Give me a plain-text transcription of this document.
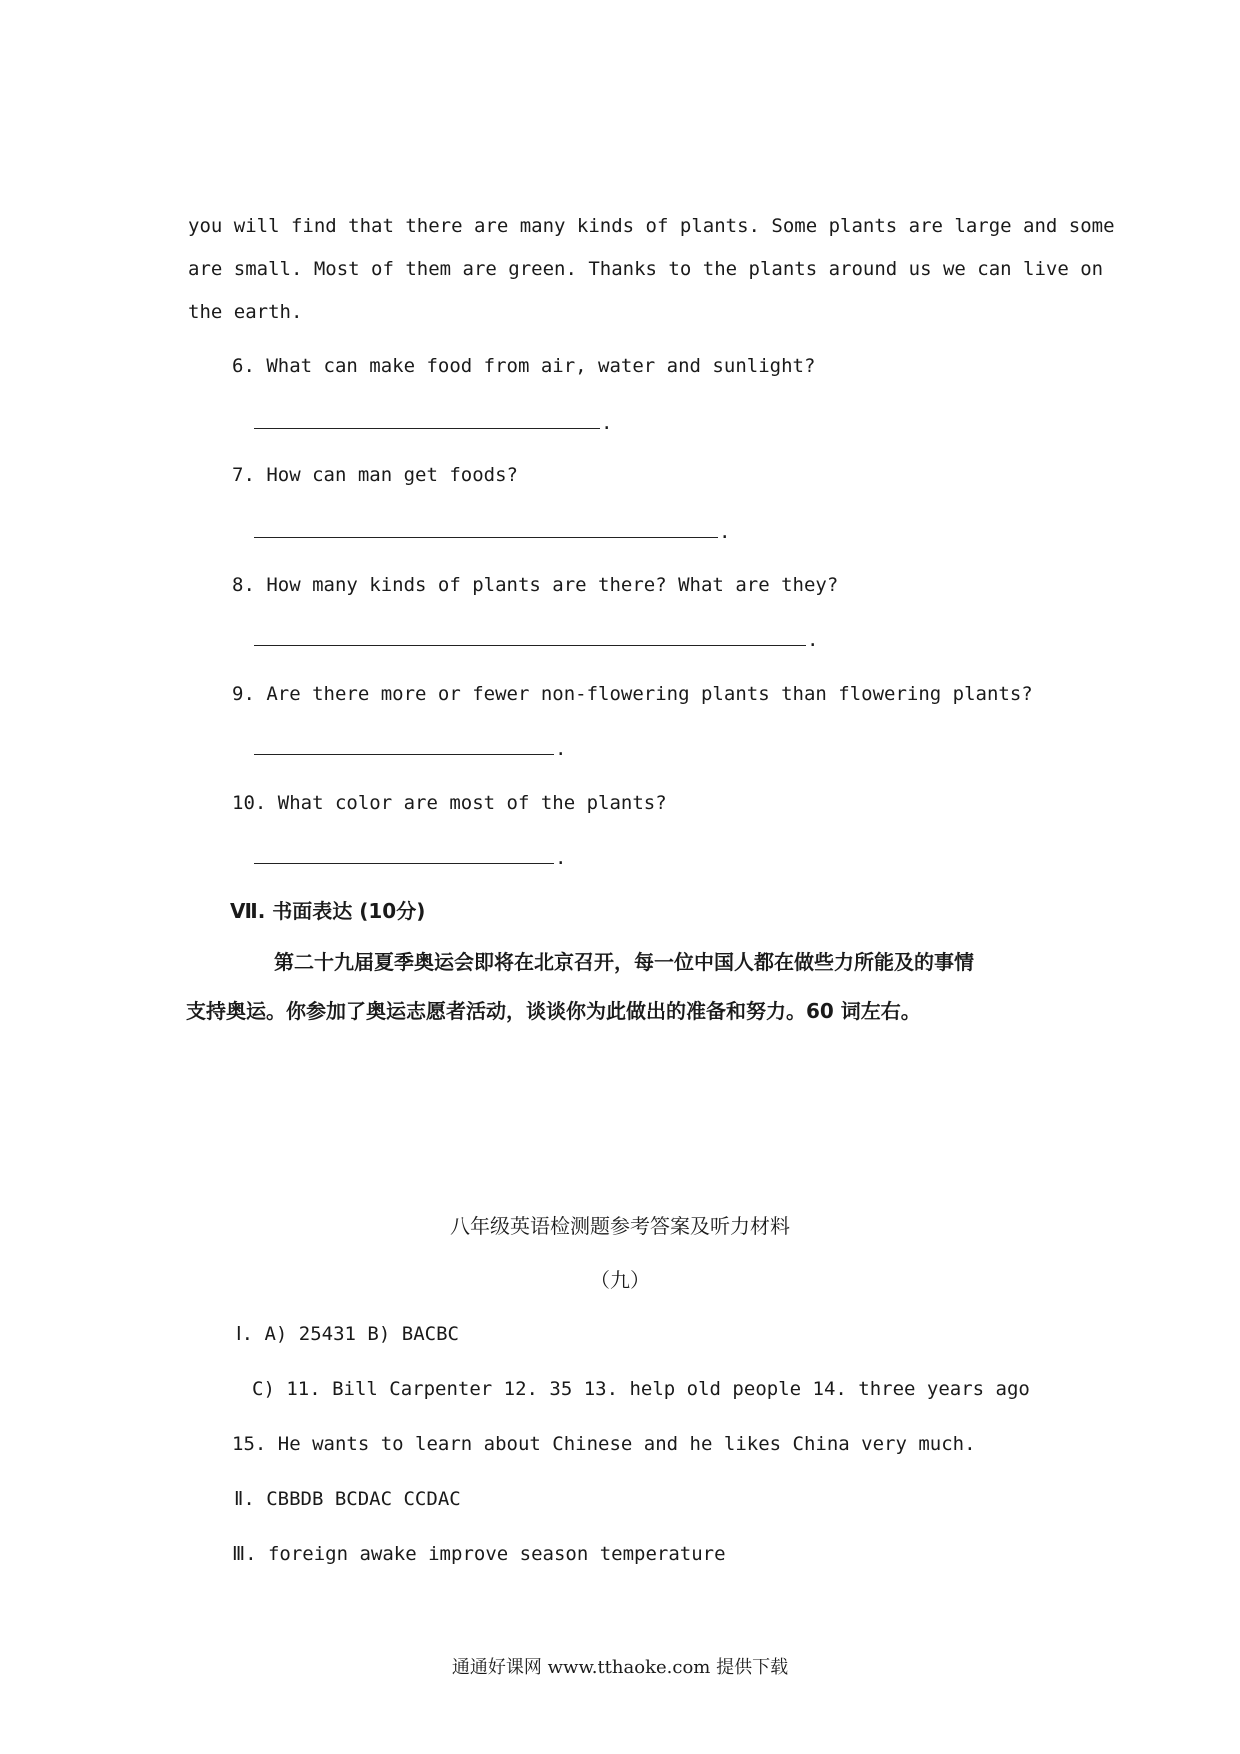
you will find that there are many kinds of plants. Some plants are large and some
are small. Most of them are green. Thanks to the plants around us we can live on
the earth.
6. What can make food from air, water and sunlight?
.
7. How can man get foods?
.
8. How many kinds of plants are there? What are they?
.
9. Are there more or fewer non-flowering plants than flowering plants?
.
10. What color are most of the plants?
.
Ⅶ. 书面表达 (10分)
第二十九届夏季奥运会即将在北京召开，每一位中国人都在做些力所能及的事情
支持奥运。你参加了奥运志愿者活动，谈谈你为此做出的准备和努力。60 词左右。
八年级英语检测题参考答案及听力材料
（九）
Ⅰ. A) 25431 B) BACBC
C) 11. Bill Carpenter 12. 35 13. help old people 14. three years ago
15. He wants to learn about Chinese and he likes China very much.
Ⅱ. CBBDB BCDAC CCDAC
Ⅲ. foreign awake improve season temperature
通通好课网 www.tthaoke.com 提供下载
